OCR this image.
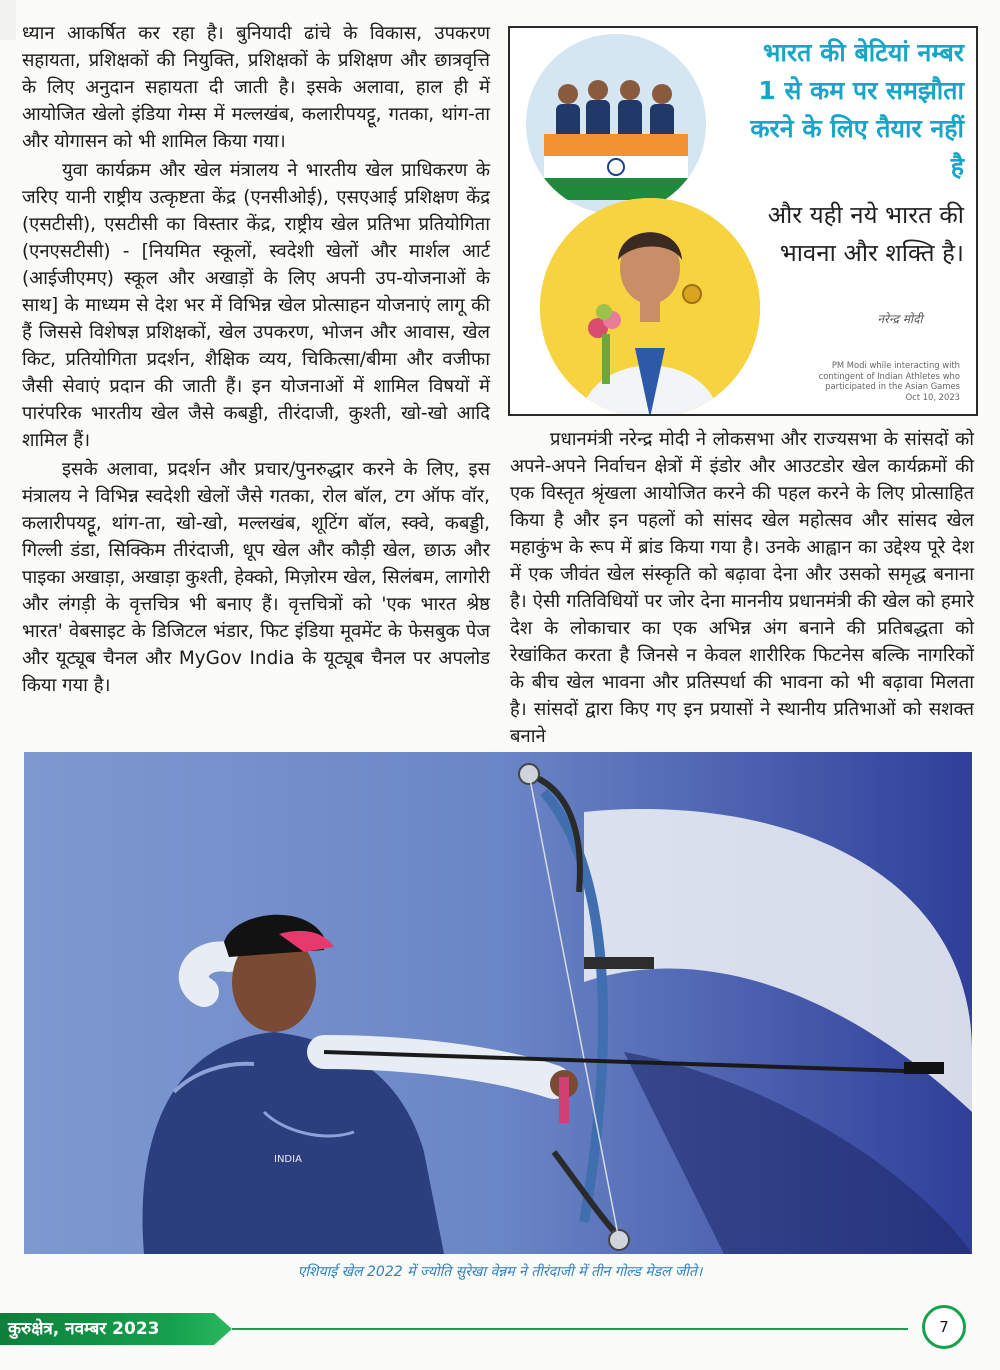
ध्यान आकर्षित कर रहा है। बुनियादी ढांचे के विकास, उपकरण सहायता, प्रशिक्षकों की नियुक्ति, प्रशिक्षकों के प्रशिक्षण और छात्रवृत्ति के लिए अनुदान सहायता दी जाती है। इसके अलावा, हाल ही में आयोजित खेलो इंडिया गेम्स में मल्लखंब, कलारीपयट्टू, गतका, थांग-ता और योगासन को भी शामिल किया गया।

युवा कार्यक्रम और खेल मंत्रालय ने भारतीय खेल प्राधिकरण के जरिए यानी राष्ट्रीय उत्कृष्टता केंद्र (एनसीओई), एसएआई प्रशिक्षण केंद्र (एसटीसी), एसटीसी का विस्तार केंद्र, राष्ट्रीय खेल प्रतिभा प्रतियोगिता (एनएसटीसी) - [नियमित स्कूलों, स्वदेशी खेलों और मार्शल आर्ट (आईजीएमए) स्कूल और अखाड़ों के लिए अपनी उप-योजनाओं के साथ] के माध्यम से देश भर में विभिन्न खेल प्रोत्साहन योजनाएं लागू की हैं जिससे विशेषज्ञ प्रशिक्षकों, खेल उपकरण, भोजन और आवास, खेल किट, प्रतियोगिता प्रदर्शन, शैक्षिक व्यय, चिकित्सा/बीमा और वजीफा जैसी सेवाएं प्रदान की जाती हैं। इन योजनाओं में शामिल विषयों में पारंपरिक भारतीय खेल जैसे कबड्डी, तीरंदाजी, कुश्ती, खो-खो आदि शामिल हैं।

इसके अलावा, प्रदर्शन और प्रचार/पुनरुद्धार करने के लिए, इस मंत्रालय ने विभिन्न स्वदेशी खेलों जैसे गतका, रोल बॉल, टग ऑफ वॉर, कलारीपयट्टू, थांग-ता, खो-खो, मल्लखंब, शूटिंग बॉल, स्क्वे, कबड्डी, गिल्ली डंडा, सिक्किम तीरंदाजी, धूप खेल और कौड़ी खेल, छाऊ और पाइका अखाड़ा, अखाड़ा कुश्ती, हेक्को, मिज़ोरम खेल, सिलंबम, लागोरी और लंगड़ी के वृत्तचित्र भी बनाए हैं। वृत्तचित्रों को 'एक भारत श्रेष्ठ भारत' वेबसाइट के डिजिटल भंडार, फिट इंडिया मूवमेंट के फेसबुक पेज और यूट्यूब चैनल और MyGov India के यूट्यूब चैनल पर अपलोड किया गया है।

भारत की बेटियां नम्बर 1 से कम पर समझौता करने के लिए तैयार नहीं है
और यही नये भारत की भावना और शक्ति है।
नरेन्द्र मोदी
PM Modi while interacting with
contingent of Indian Athletes who
participated in the Asian Games
Oct 10, 2023

प्रधानमंत्री नरेन्द्र मोदी ने लोकसभा और राज्यसभा के सांसदों को अपने-अपने निर्वाचन क्षेत्रों में इंडोर और आउटडोर खेल कार्यक्रमों की एक विस्तृत श्रृंखला आयोजित करने की पहल करने के लिए प्रोत्साहित किया है और इन पहलों को सांसद खेल महोत्सव और सांसद खेल महाकुंभ के रूप में ब्रांड किया गया है। उनके आह्वान का उद्देश्य पूरे देश में एक जीवंत खेल संस्कृति को बढ़ावा देना और उसको समृद्ध बनाना है। ऐसी गतिविधियों पर जोर देना माननीय प्रधानमंत्री की खेल को हमारे देश के लोकाचार का एक अभिन्न अंग बनाने की प्रतिबद्धता को रेखांकित करता है जिनसे न केवल शारीरिक फिटनेस बल्कि नागरिकों के बीच खेल भावना और प्रतिस्पर्धा की भावना को भी बढ़ावा मिलता है। सांसदों द्वारा किए गए इन प्रयासों ने स्थानीय प्रतिभाओं को सशक्त बनाने

INDIA
एशियाई खेल 2022 में ज्योति सुरेखा वेन्नम ने तीरंदाजी में तीन गोल्ड मेडल जीते।
कुरुक्षेत्र, नवम्बर 2023	7
